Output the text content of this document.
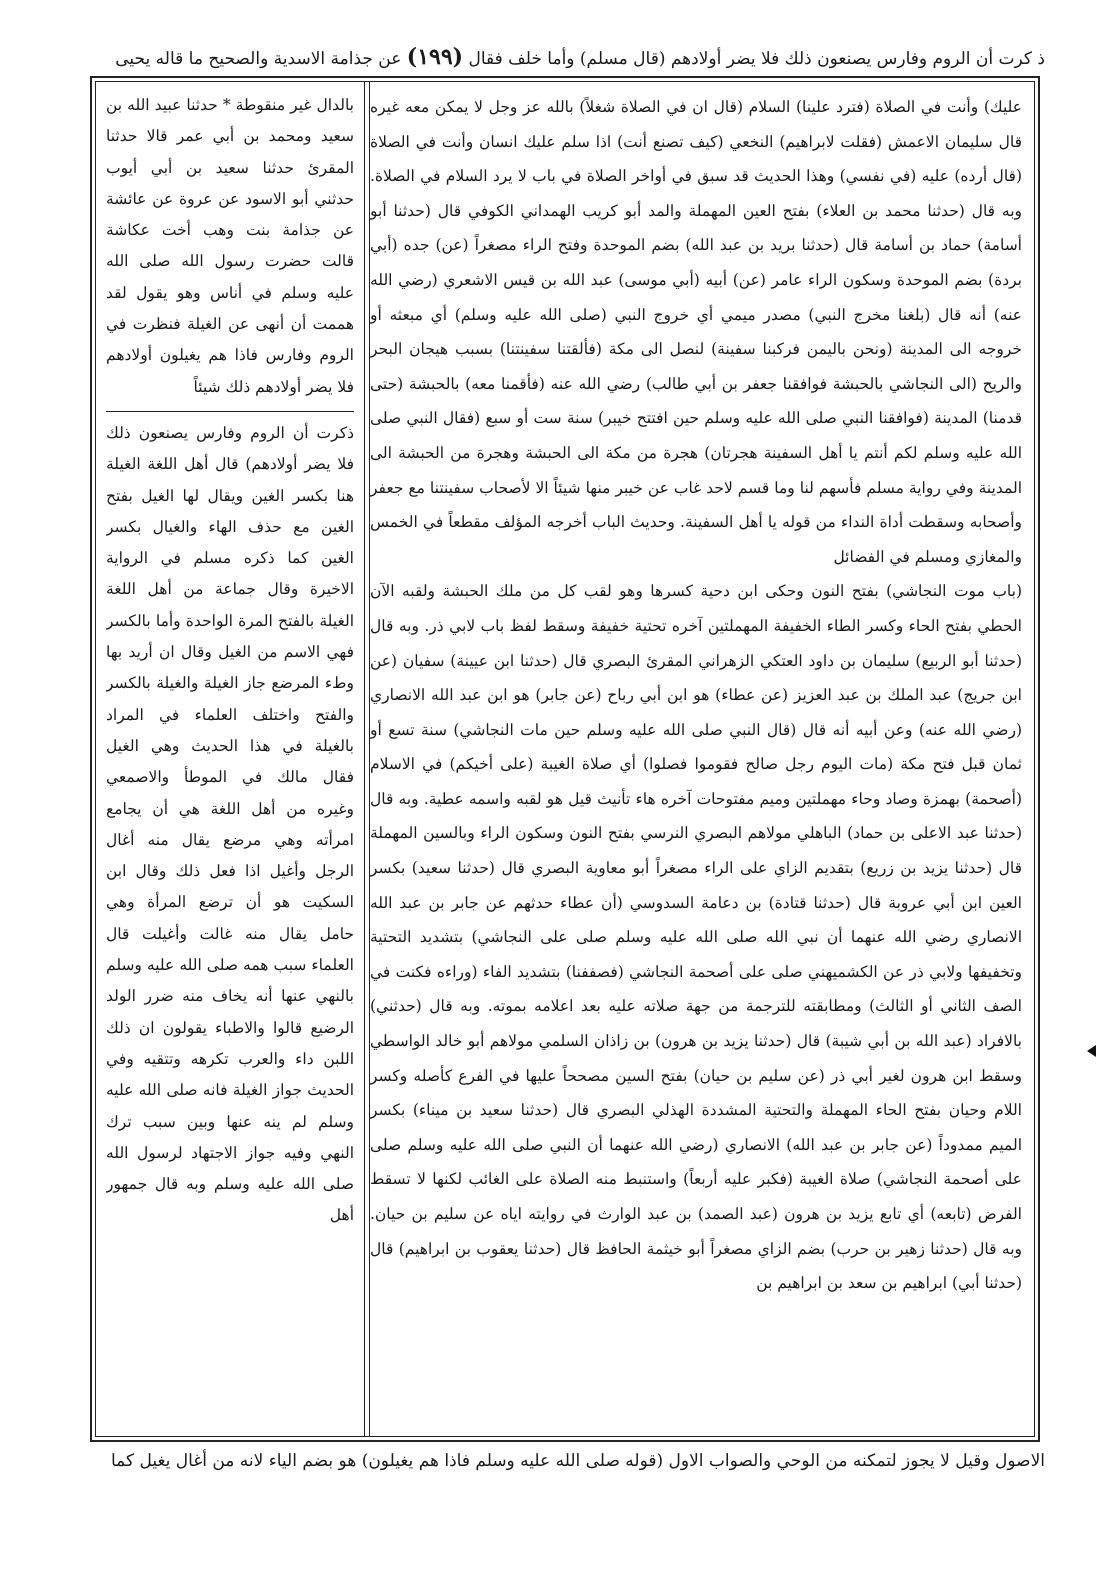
ذ كرت أن الروم وفارس يصنعون ذلك فلا يضر أولادهم (قال مسلم) وأما خلف فقال (١٩٩) عن جذامة الاسدية والصحيح ما قاله يحيى

عليك) وأنت في الصلاة (فترد علينا) السلام (قال ان في الصلاة شغلاً) بالله عز وجل لا يمكن معه غيره قال سليمان الاعمش (فقلت لابراهيم) النخعي (كيف تصنع أنت) اذا سلم عليك انسان وأنت في الصلاة (قال أرده) عليه (في نفسي) وهذا الحديث قد سبق في أواخر الصلاة في باب لا يرد السلام في الصلاة. وبه قال (حدثنا محمد بن العلاء) بفتح العين المهملة والمد أبو كريب الهمداني الكوفي قال (حدثنا أبو أسامة) حماد بن أسامة قال (حدثنا بريد بن عبد الله) بضم الموحدة وفتح الراء مصغراً (عن) جده (أبي بردة) بضم الموحدة وسكون الراء عامر (عن) أبيه (أبي موسى) عبد الله بن قيس الاشعري (رضي الله عنه) أنه قال (بلغنا مخرج النبي) مصدر ميمي أي خروج النبي (صلى الله عليه وسلم) أي مبعثه أو خروجه الى المدينة (ونحن باليمن فركبنا سفينة) لنصل الى مكة (فألقتنا سفينتنا) بسبب هيجان البحر والريح (الى النجاشي بالحبشة فوافقنا جعفر بن أبي طالب) رضي الله عنه (فأقمنا معه) بالحبشة (حتى قدمنا) المدينة (فوافقنا النبي صلى الله عليه وسلم حين افتتح خيبر) سنة ست أو سبع (فقال النبي صلى الله عليه وسلم لكم أنتم يا أهل السفينة هجرتان) هجرة من مكة الى الحبشة وهجرة من الحبشة الى المدينة وفي رواية مسلم فأسهم لنا وما قسم لاحد غاب عن خيبر منها شيئاً الا لأصحاب سفينتنا مع جعفر وأصحابه وسقطت أداة النداء من قوله يا أهل السفينة. وحديث الباب أخرجه المؤلف مقطعاً في الخمس والمغازي ومسلم في الفضائل

(باب موت النجاشي) بفتح النون وحكى ابن دحية كسرها وهو لقب كل من ملك الحبشة ولقبه الآن الحطي بفتح الحاء وكسر الطاء الخفيفة المهملتين آخره تحتية خفيفة وسقط لفظ باب لابي ذر. وبه قال (حدثنا أبو الربيع) سليمان بن داود العتكي الزهراني المقرئ البصري قال (حدثنا ابن عيينة) سفيان (عن ابن جريج) عبد الملك بن عبد العزيز (عن عطاء) هو ابن أبي رباح (عن جابر) هو ابن عبد الله الانصاري (رضي الله عنه) وعن أبيه أنه قال (قال النبي صلى الله عليه وسلم حين مات النجاشي) سنة تسع أو ثمان قبل فتح مكة (مات اليوم رجل صالح فقوموا فصلوا) أي صلاة الغيبة (على أخيكم) في الاسلام (أصحمة) بهمزة وصاد وحاء مهملتين وميم مفتوحات آخره هاء تأنيث قيل هو لقبه واسمه عطية. وبه قال (حدثنا عبد الاعلى بن حماد) الباهلي مولاهم البصري النرسي بفتح النون وسكون الراء وبالسين المهملة قال (حدثنا يزيد بن زريع) بتقديم الزاي على الراء مصغراً أبو معاوية البصري قال (حدثنا سعيد) بكسر العين ابن أبي عروبة قال (حدثنا قتادة) بن دعامة السدوسي (أن عطاء حدثهم عن جابر بن عبد الله الانصاري رضي الله عنهما أن نبي الله صلى الله عليه وسلم صلى على النجاشي) بتشديد التحتية وتخفيفها ولابي ذر عن الكشميهني صلى على أصحمة النجاشي (فصففنا) بتشديد الفاء (وراءه فكنت في الصف الثاني أو الثالث) ومطابقته للترجمة من جهة صلاته عليه بعد اعلامه بموته. وبه قال (حدثني) بالافراد (عبد الله بن أبي شيبة) قال (حدثنا يزيد بن هرون) بن زاذان السلمي مولاهم أبو خالد الواسطي وسقط ابن هرون لغير أبي ذر (عن سليم بن حيان) بفتح السين مصححاً عليها في الفرع كأصله وكسر اللام وحيان بفتح الحاء المهملة والتحتية المشددة الهذلي البصري قال (حدثنا سعيد بن ميناء) بكسر الميم ممدوداً (عن جابر بن عبد الله) الانصاري (رضي الله عنهما أن النبي صلى الله عليه وسلم صلى على أصحمة النجاشي) صلاة الغيبة (فكبر عليه أربعاً) واستنبط منه الصلاة على الغائب لكنها لا تسقط الفرض (تابعه) أي تابع يزيد بن هرون (عبد الصمد) بن عبد الوارث في روايته اياه عن سليم بن حيان. وبه قال (حدثنا زهير بن حرب) بضم الزاي مصغراً أبو خيثمة الحافظ قال (حدثنا يعقوب بن ابراهيم) قال (حدثنا أبي) ابراهيم بن سعد بن ابراهيم بن

بالدال غير منقوطة * حدثنا عبيد الله بن سعيد ومحمد بن أبي عمر قالا حدثنا المقرئ حدثنا سعيد بن أبي أيوب حدثني أبو الاسود عن عروة عن عائشة عن جذامة بنت وهب أخت عكاشة قالت حضرت رسول الله صلى الله عليه وسلم في أناس وهو يقول لقد هممت أن أنهى عن الغيلة فنظرت في الروم وفارس فاذا هم يغيلون أولادهم فلا يضر أولادهم ذلك شيئاً

ذكرت أن الروم وفارس يصنعون ذلك فلا يضر أولادهم) قال أهل اللغة الغيلة هنا بكسر الغين ويقال لها الغيل بفتح الغين مع حذف الهاء والغيال بكسر الغين كما ذكره مسلم في الرواية الاخيرة وقال جماعة من أهل اللغة الغيلة بالفتح المرة الواحدة وأما بالكسر فهي الاسم من الغيل وقال ان أريد بها وطء المرضع جاز الغيلة والغيلة بالكسر والفتح واختلف العلماء في المراد بالغيلة في هذا الحديث وهي الغيل فقال مالك في الموطأ والاصمعي وغيره من أهل اللغة هي أن يجامع امرأته وهي مرضع يقال منه أغال الرجل وأغيل اذا فعل ذلك وقال ابن السكيت هو أن ترضع المرأة وهي حامل يقال منه غالت وأغيلت قال العلماء سبب همه صلى الله عليه وسلم بالنهي عنها أنه يخاف منه ضرر الولد الرضيع قالوا والاطباء يقولون ان ذلك اللبن داء والعرب تكرهه وتتقيه وفي الحديث جواز الغيلة فانه صلى الله عليه وسلم لم ينه عنها وبين سبب ترك النهي وفيه جواز الاجتهاد لرسول الله صلى الله عليه وسلم وبه قال جمهور أهل

الاصول وقيل لا يجوز لتمكنه من الوحي والصواب الاول (قوله صلى الله عليه وسلم فاذا هم يغيلون) هو بضم الياء لانه من أغال يغيل كما
